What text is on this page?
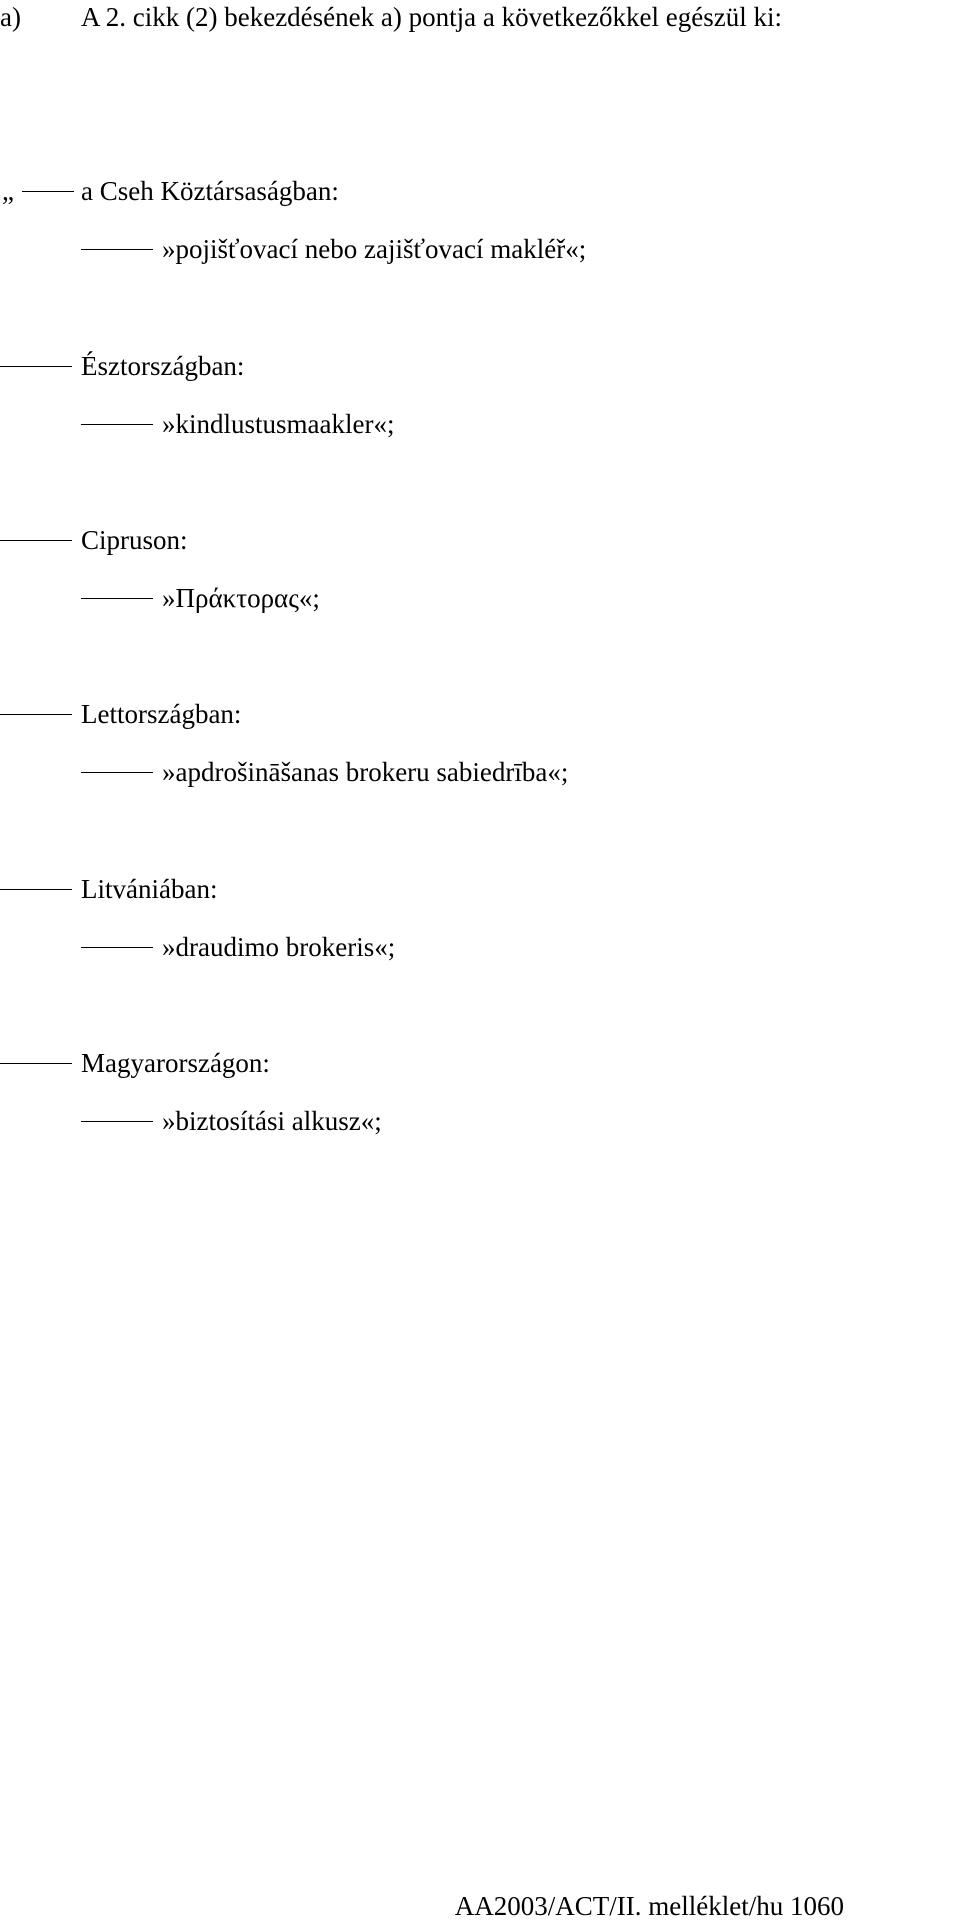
a) A 2. cikk (2) bekezdésének a) pontja a következőkkel egészül ki:
„ a Cseh Köztársaságban:
»pojišťovací nebo zajišťovací makléř«;
Észtországban:
»kindlustusmaakler«;
Cipruson:
»Πράκτορας«;
Lettországban:
»apdrošināšanas brokeru sabiedrība«;
Litvániában:
»draudimo brokeris«;
Magyarországon:
»biztosítási alkusz«;
AA2003/ACT/II. melléklet/hu 1060
